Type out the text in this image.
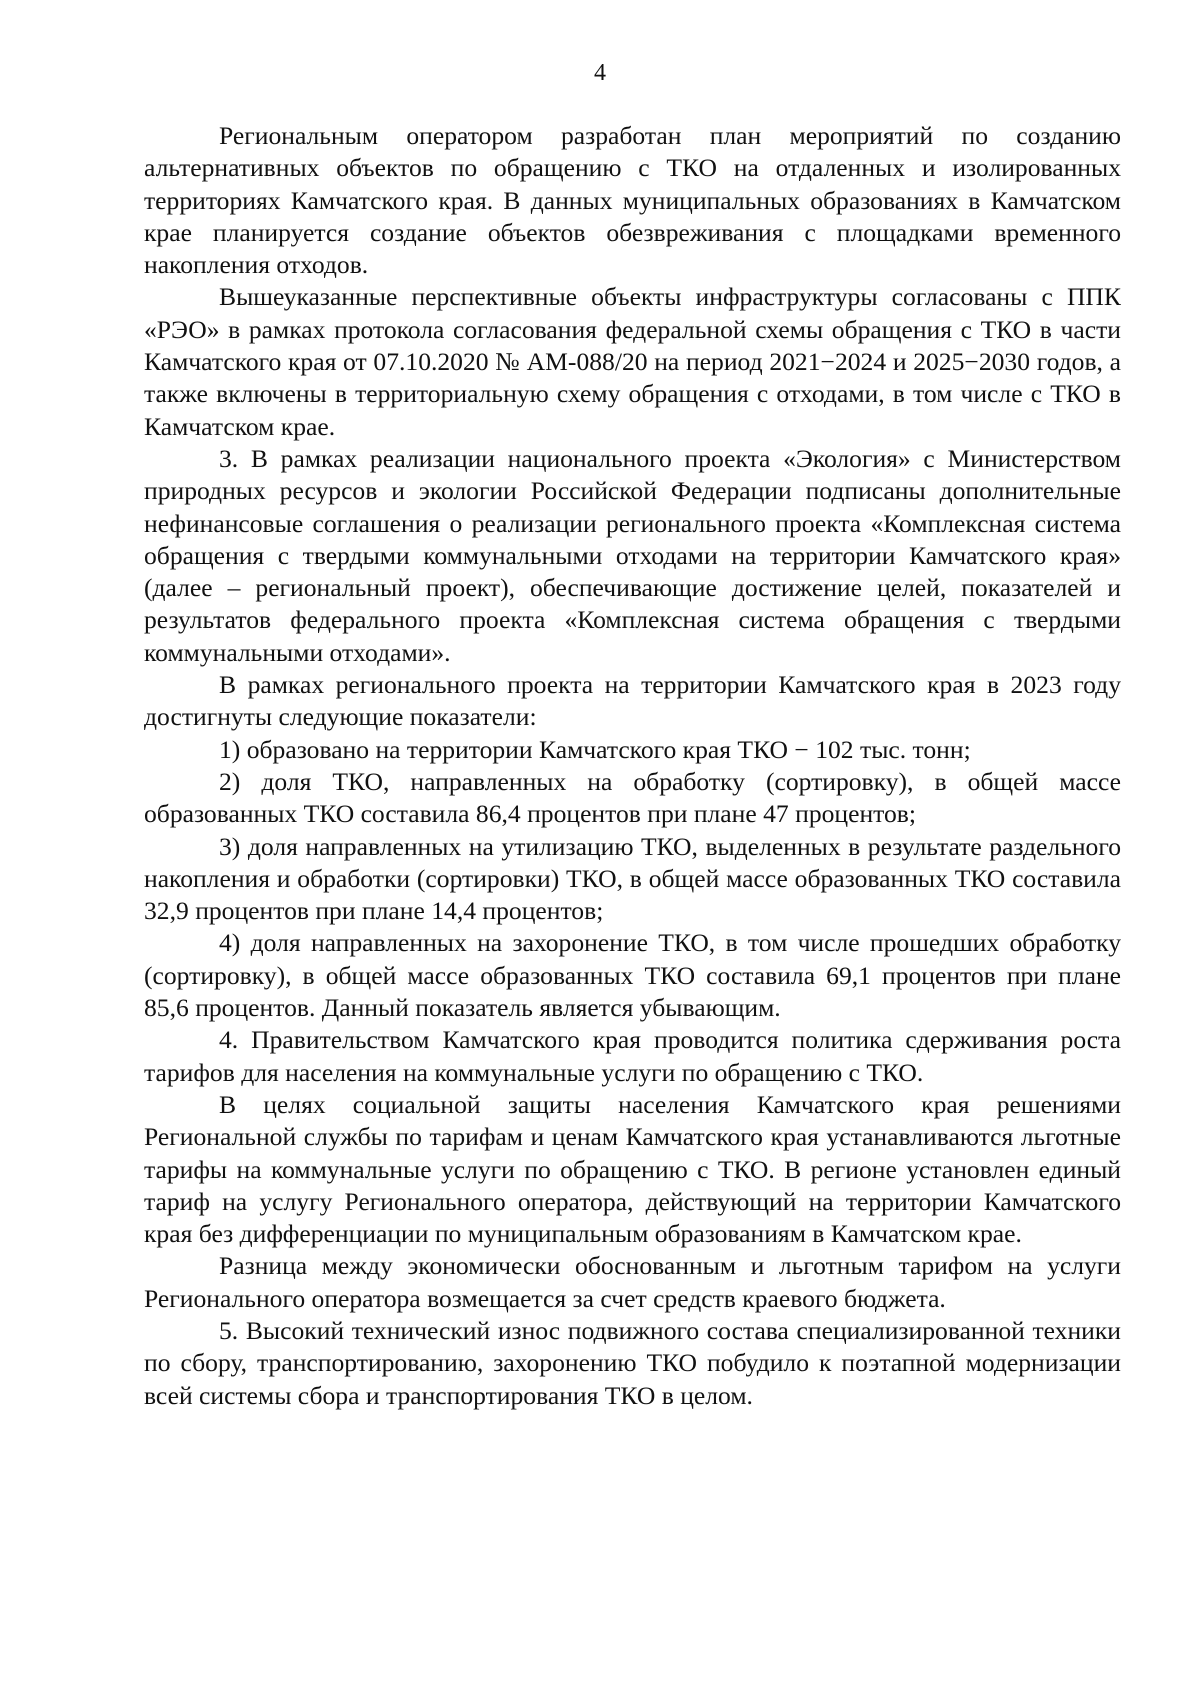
4

Региональным оператором разработан план мероприятий по созданию альтернативных объектов по обращению с ТКО на отдаленных и изолированных территориях Камчатского края. В данных муниципальных образованиях в Камчатском крае планируется создание объектов обезвреживания с площадками временного накопления отходов.

Вышеуказанные перспективные объекты инфраструктуры согласованы с ППК «РЭО» в рамках протокола согласования федеральной схемы обращения с ТКО в части Камчатского края от 07.10.2020 № АМ-088/20 на период 2021−2024 и 2025−2030 годов, а также включены в территориальную схему обращения с отходами, в том числе с ТКО в Камчатском крае.

3. В рамках реализации национального проекта «Экология» с Министерством природных ресурсов и экологии Российской Федерации подписаны дополнительные нефинансовые соглашения о реализации регионального проекта «Комплексная система обращения с твердыми коммунальными отходами на территории Камчатского края» (далее – региональный проект), обеспечивающие достижение целей, показателей и результатов федерального проекта «Комплексная система обращения с твердыми коммунальными отходами».

В рамках регионального проекта на территории Камчатского края в 2023 году достигнуты следующие показатели:

1) образовано на территории Камчатского края ТКО − 102 тыс. тонн;

2) доля ТКО, направленных на обработку (сортировку), в общей массе образованных ТКО составила 86,4 процентов при плане 47 процентов;

3) доля направленных на утилизацию ТКО, выделенных в результате раздельного накопления и обработки (сортировки) ТКО, в общей массе образованных ТКО составила 32,9 процентов при плане 14,4 процентов;

4) доля направленных на захоронение ТКО, в том числе прошедших обработку (сортировку), в общей массе образованных ТКО составила 69,1 процентов при плане 85,6 процентов. Данный показатель является убывающим.

4. Правительством Камчатского края проводится политика сдерживания роста тарифов для населения на коммунальные услуги по обращению с ТКО.

В целях социальной защиты населения Камчатского края решениями Региональной службы по тарифам и ценам Камчатского края устанавливаются льготные тарифы на коммунальные услуги по обращению с ТКО. В регионе установлен единый тариф на услугу Регионального оператора, действующий на территории Камчатского края без дифференциации по муниципальным образованиям в Камчатском крае.

Разница между экономически обоснованным и льготным тарифом на услуги Регионального оператора возмещается за счет средств краевого бюджета.

5. Высокий технический износ подвижного состава специализированной техники по сбору, транспортированию, захоронению ТКО побудило к поэтапной модернизации всей системы сбора и транспортирования ТКО в целом.
